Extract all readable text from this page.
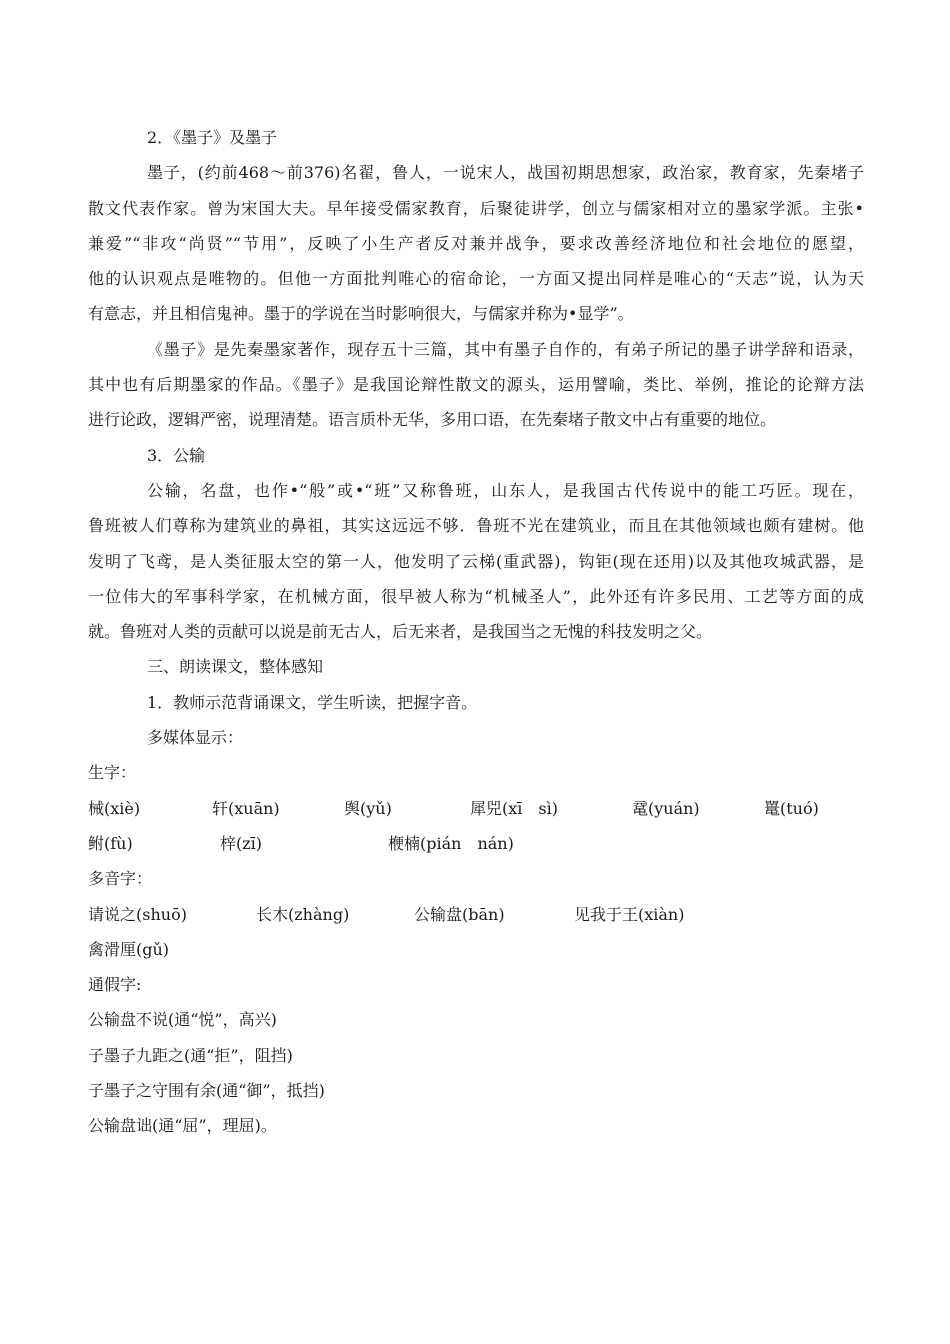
2．《墨子》及墨子
墨子，(约前468～前376)名翟，鲁人，一说宋人，战国初期思想家，政治家，教育家，先秦堵子
散文代表作家。曾为宋国大夫。早年接受儒家教育，后聚徒讲学，创立与儒家相对立的墨家学派。主张•
兼爱”“非攻“尚贤”“节用”，反映了小生产者反对兼并战争，要求改善经济地位和社会地位的愿望，
他的认识观点是唯物的。但他一方面批判唯心的宿命论，一方面又提出同样是唯心的“天志”说，认为天
有意志，并且相信鬼神。墨于的学说在当时影响很大，与儒家并称为•显学”。
《墨子》是先秦墨家著作，现存五十三篇，其中有墨子自作的，有弟子所记的墨子讲学辞和语录，
其中也有后期墨家的作品。《墨子》是我国论辩性散文的源头，运用譬喻，类比、举例，推论的论辩方法
进行论政，逻辑严密，说理清楚。语言质朴无华，多用口语，在先秦堵子散文中占有重要的地位。
3．公输
公输，名盘，也作•“般”或•“班”又称鲁班，山东人，是我国古代传说中的能工巧匠。现在，
鲁班被人们尊称为建筑业的鼻祖，其实这远远不够．鲁班不光在建筑业，而且在其他领域也颇有建树。他
发明了飞鸢，是人类征服太空的第一人，他发明了云梯(重武器)，钩钜(现在还用)以及其他攻城武器，是
一位伟大的军事科学家，在机械方面，很早被人称为“机械圣人”，此外还有许多民用、工艺等方面的成
就。鲁班对人类的贡献可以说是前无古人，后无来者，是我国当之无愧的科技发明之父。
三、朗读课文，整体感知
1．教师示范背诵课文，学生听读，把握字音。
多媒体显示：
生字：
械(xiè)	轩(xuān)	舆(yǔ)	犀兕(xī　sì)	鼋(yuán)	鼍(tuó)
鲋(fù)	梓(zī)	楩楠(pián　nán)
多音字：
请说之(shuō)	长木(zhàng)	公输盘(bān)	见我于王(xiàn)
禽滑厘(gǔ)
通假字:
公输盘不说(通“悦”，高兴)
子墨子九距之(通“拒”，阻挡)
子墨子之守围有余(通“御”，抵挡)
公输盘诎(通“屈”，理屈)。
